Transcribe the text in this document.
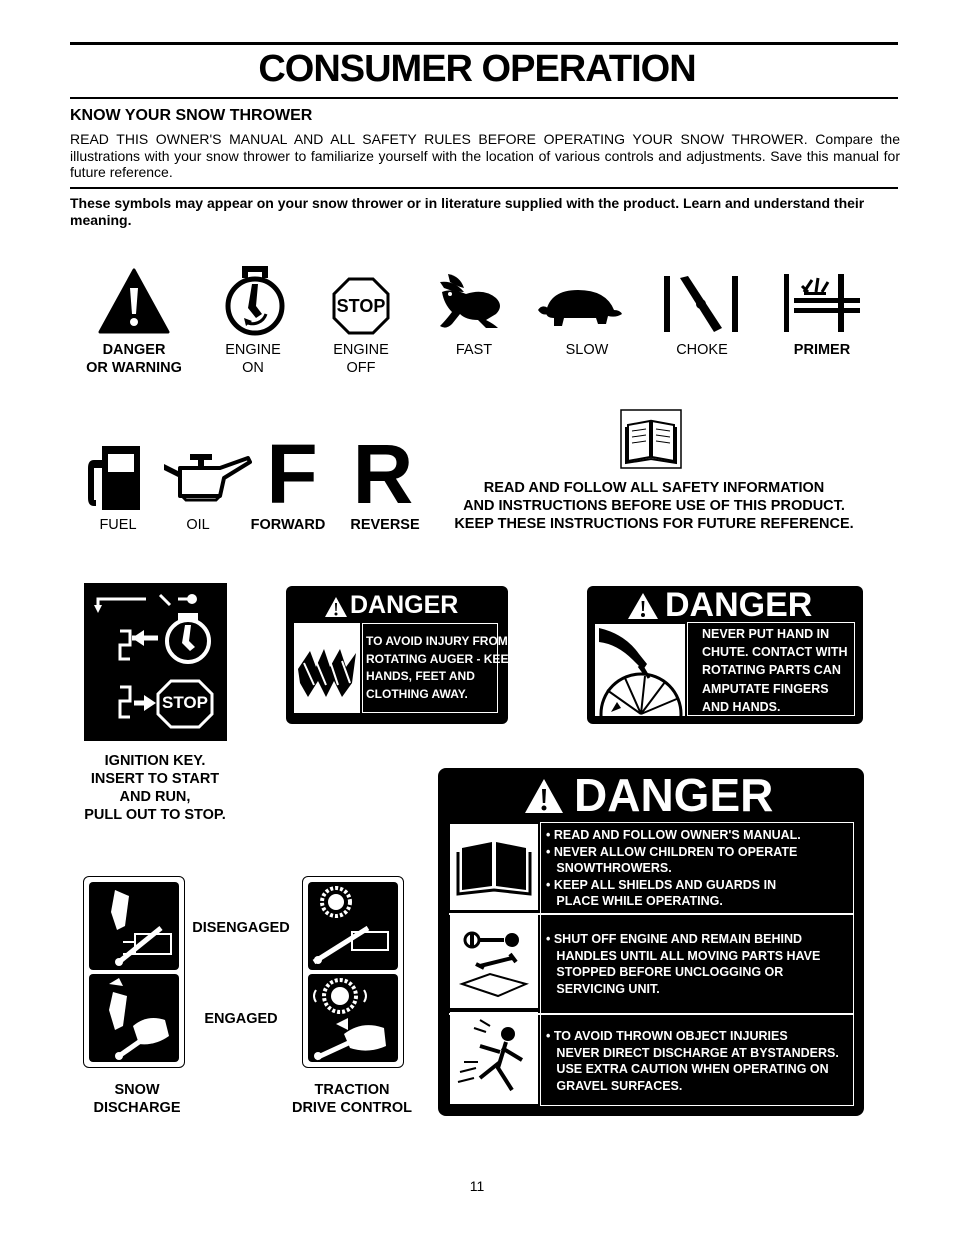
CONSUMER OPERATION
KNOW YOUR SNOW THROWER
READ THIS OWNER'S MANUAL AND ALL SAFETY RULES BEFORE OPERATING YOUR SNOW THROWER. Compare the illustrations with your snow thrower to familiarize yourself with the location of various controls and adjustments. Save this manual for future reference.
These symbols may appear on your snow thrower or in literature supplied with the product. Learn and understand their meaning.
DANGER
OR WARNING
ENGINE
ON
STOP
ENGINE
OFF
FAST	SLOW	CHOKE	PRIMER
FUEL	OIL
F
FORWARD
R
REVERSE
READ AND FOLLOW ALL SAFETY INFORMATION
AND INSTRUCTIONS BEFORE USE OF THIS PRODUCT.
KEEP THESE INSTRUCTIONS FOR FUTURE REFERENCE.
STOP
IGNITION KEY.
INSERT TO START
AND RUN,
PULL OUT TO STOP.
DANGER
TO AVOID INJURY FROM
ROTATING AUGER - KEEP
HANDS, FEET AND
CLOTHING AWAY.
DANGER
NEVER PUT HAND IN
CHUTE. CONTACT WITH
ROTATING PARTS CAN
AMPUTATE FINGERS
AND HANDS.
DANGER
• READ AND FOLLOW OWNER'S MANUAL.
• NEVER ALLOW CHILDREN TO OPERATE
SNOWTHROWERS.
• KEEP ALL SHIELDS AND GUARDS IN
PLACE WHILE OPERATING.
• SHUT OFF ENGINE AND REMAIN BEHIND
HANDLES UNTIL ALL MOVING PARTS HAVE
STOPPED BEFORE UNCLOGGING OR
SERVICING UNIT.
• TO AVOID THROWN OBJECT INJURIES
NEVER DIRECT DISCHARGE AT BYSTANDERS.
USE EXTRA CAUTION WHEN OPERATING ON
GRAVEL SURFACES.
DISENGAGED
ENGAGED
SNOW
DISCHARGE
TRACTION
DRIVE CONTROL
11
